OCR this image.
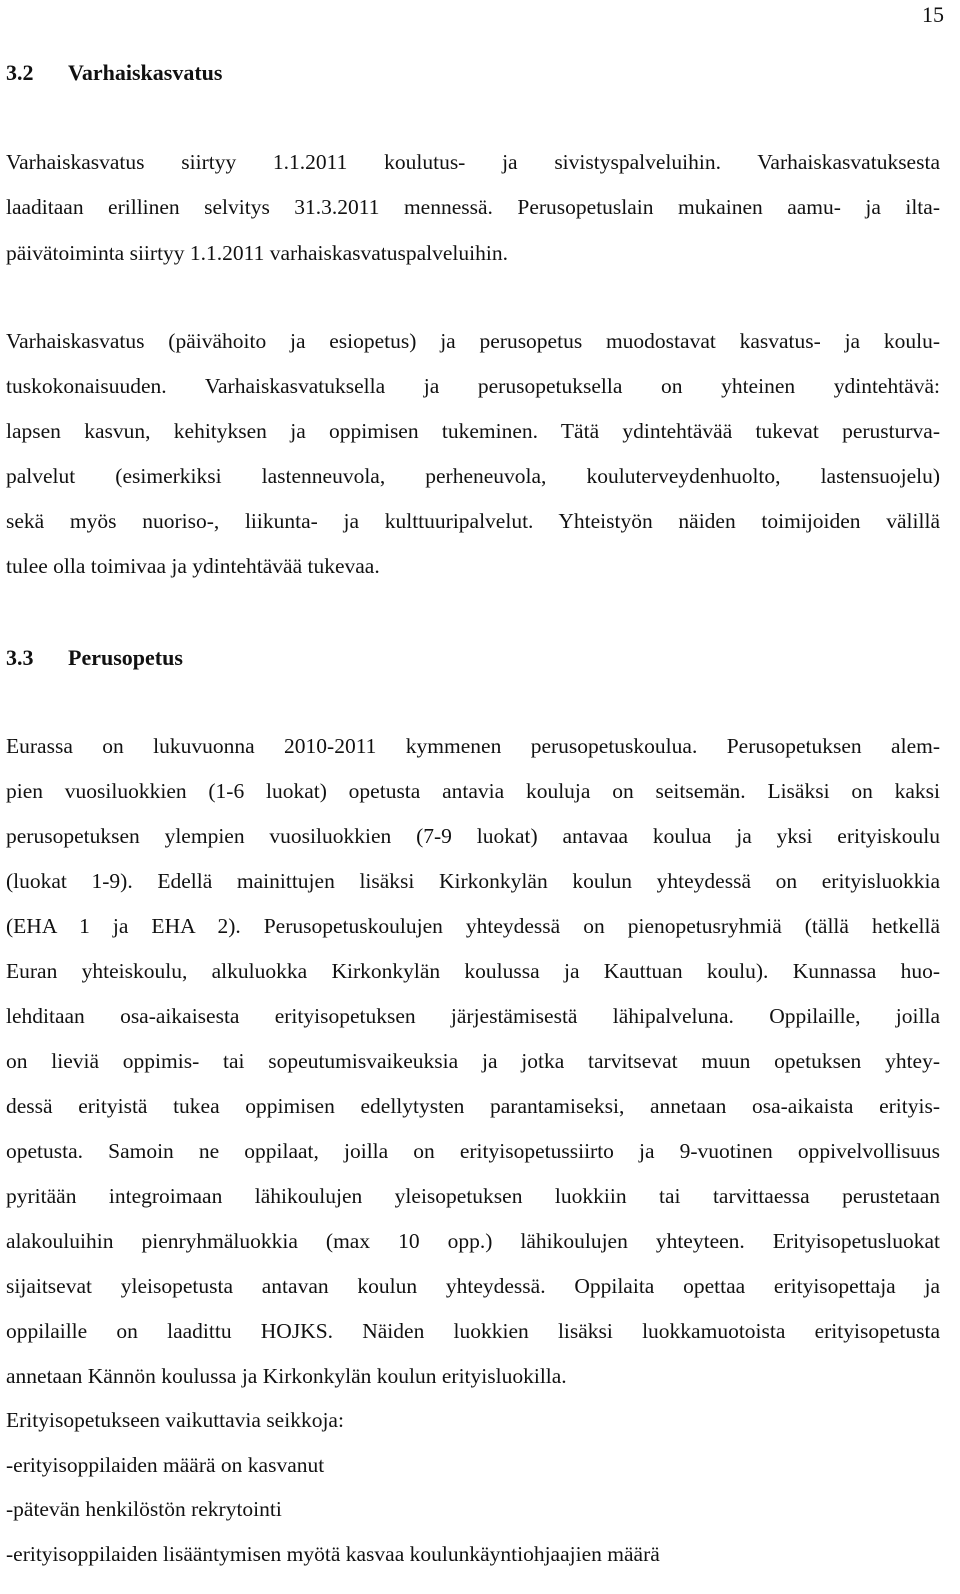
15
3.2 Varhaiskasvatus
Varhaiskasvatus siirtyy 1.1.2011 koulutus- ja sivistyspalveluihin. Varhaiskasvatuksesta
laaditaan erillinen selvitys 31.3.2011 mennessä. Perusopetuslain mukainen aamu- ja ilta-
päivätoiminta siirtyy 1.1.2011 varhaiskasvatuspalveluihin.
Varhaiskasvatus (päivähoito ja esiopetus) ja perusopetus muodostavat kasvatus- ja koulu-
tuskokonaisuuden. Varhaiskasvatuksella ja perusopetuksella on yhteinen ydintehtävä:
lapsen kasvun, kehityksen ja oppimisen tukeminen. Tätä ydintehtävää tukevat perusturva-
palvelut (esimerkiksi lastenneuvola, perheneuvola, kouluterveydenhuolto, lastensuojelu)
sekä myös nuoriso-, liikunta- ja kulttuuripalvelut. Yhteistyön näiden toimijoiden välillä
tulee olla toimivaa ja ydintehtävää tukevaa.
3.3 Perusopetus
Eurassa on lukuvuonna 2010-2011 kymmenen perusopetuskoulua. Perusopetuksen alem-
pien vuosiluokkien (1-6 luokat) opetusta antavia kouluja on seitsemän. Lisäksi on kaksi
perusopetuksen ylempien vuosiluokkien (7-9 luokat) antavaa koulua ja yksi erityiskoulu
(luokat 1-9). Edellä mainittujen lisäksi Kirkonkylän koulun yhteydessä on erityisluokkia
(EHA 1 ja EHA 2). Perusopetuskoulujen yhteydessä on pienopetusryhmiä (tällä hetkellä
Euran yhteiskoulu, alkuluokka Kirkonkylän koulussa ja Kauttuan koulu). Kunnassa huo-
lehditaan osa-aikaisesta erityisopetuksen järjestämisestä lähipalveluna. Oppilaille, joilla
on lieviä oppimis- tai sopeutumisvaikeuksia ja jotka tarvitsevat muun opetuksen yhtey-
dessä erityistä tukea oppimisen edellytysten parantamiseksi, annetaan osa-aikaista erityis-
opetusta. Samoin ne oppilaat, joilla on erityisopetussiirto ja 9-vuotinen oppivelvollisuus
pyritään integroimaan lähikoulujen yleisopetuksen luokkiin tai tarvittaessa perustetaan
alakouluihin pienryhmäluokkia (max 10 opp.) lähikoulujen yhteyteen. Erityisopetusluokat
sijaitsevat yleisopetusta antavan koulun yhteydessä. Oppilaita opettaa erityisopettaja ja
oppilaille on laadittu HOJKS. Näiden luokkien lisäksi luokkamuotoista erityisopetusta
annetaan Kännön koulussa ja Kirkonkylän koulun erityisluokilla.
Erityisopetukseen vaikuttavia seikkoja:
-erityisoppilaiden määrä on kasvanut
-pätevän henkilöstön rekrytointi
-erityisoppilaiden lisääntymisen myötä kasvaa koulunkäyntiohjaajien määrä
